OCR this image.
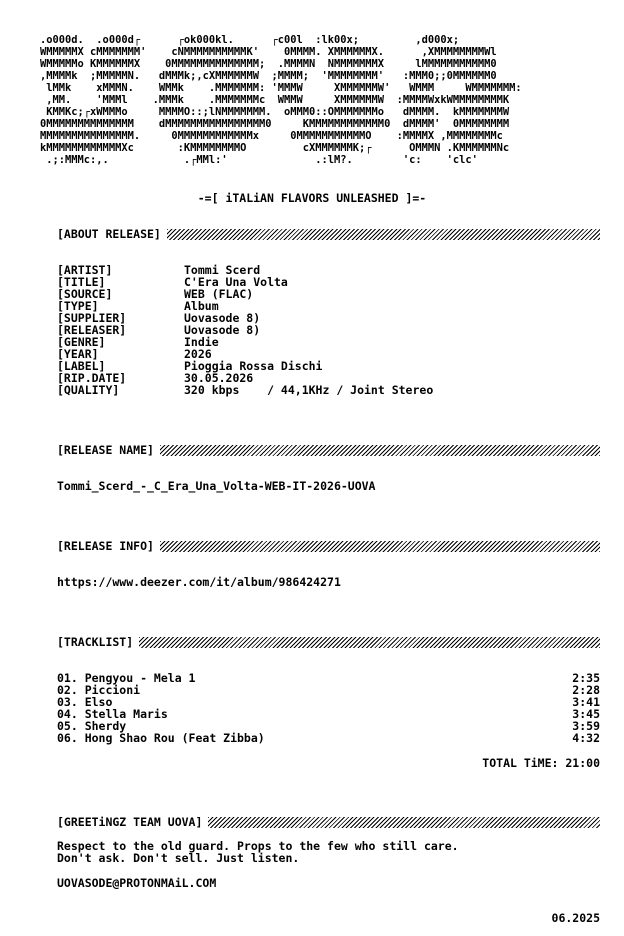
.o000d.  .o000d┌      ┌ok000kl.      ┌c00l  :lk00x;         ,d000x;
WMMMMMX cMMMMMMM'    cNMMMMMMMMMMK'    0MMMM. XMMMMMMX.      ,XMMMMMMMMWl
WMMMMMo KMMMMMMX    0MMMMMMMMMMMMMM;  .MMMMN  NMMMMMMMX     lMMMMMMMMMMM0
,MMMMk  ;MMMMMN.   dMMMk;,cXMMMMMMW  ;MMMM;  'MMMMMMMM'   :MMM0;;0MMMMMM0
lMMk    xMMMN.    WMMk    .MMMMMMM: 'MMMW     XMMMMMMW'   WMMM     WMMMMMMM:
,MM.    'MMMl    .MMMk    .MMMMMMMc  WMMW     XMMMMMMW  :MMMMWxkWMMMMMMMMK
KMMKc;┌xWMMMo     MMMMO::;lNMMMMMMM.  oMMM0::OMMMMMMMo   dMMMM.  kMMMMMMMW
0MMMMMMMMMMMMMM    dMMMMMMMMMMMMMMMM0     KMMMMMMMMMMMM0  dMMMM'  0MMMMMMMM
MMMMMMMMMMMMMMM.     0MMMMMMMMMMMMx     0MMMMMMMMMMMO    :MMMMX ,MMMMMMMMc
kMMMMMMMMMMMMXc       :KMMMMMMMMO         cXMMMMMMK;┌      OMMMN .KMMMMMMNc
.;:MMMc:,.            .┌MMl:'              .:lM?.        'c:    'clc'
-=[ iTALiAN FLAVORS UNLEASHED ]=-
[ABOUT RELEASE]
[ARTIST]	Tommi Scerd
[TITLE]	C'Era Una Volta
[SOURCE]	WEB (FLAC)
[TYPE]	Album
[SUPPLIER]	Uovasode 8)
[RELEASER]	Uovasode 8)
[GENRE]	Indie
[YEAR]	2026
[LABEL]	Pioggia Rossa Dischi
[RIP.DATE]	30.05.2026
[QUALITY]	320 kbps    / 44,1KHz / Joint Stereo
[RELEASE NAME]
Tommi_Scerd_-_C_Era_Una_Volta-WEB-IT-2026-UOVA
[RELEASE INFO]
https://www.deezer.com/it/album/986424271
[TRACKLIST]
01. Pengyou - Mela 1	2:35
02. Piccioni	2:28
03. Elso	3:41
04. Stella Maris	3:45
05. Sherdy	3:59
06. Hong Shao Rou (Feat Zibba)	4:32
TOTAL TiME: 21:00
[GREETiNGZ TEAM UOVA]
Respect to the old guard. Props to the few who still care.
Don't ask. Don't sell. Just listen.
UOVASODE@PROTONMAiL.COM
06.2025
